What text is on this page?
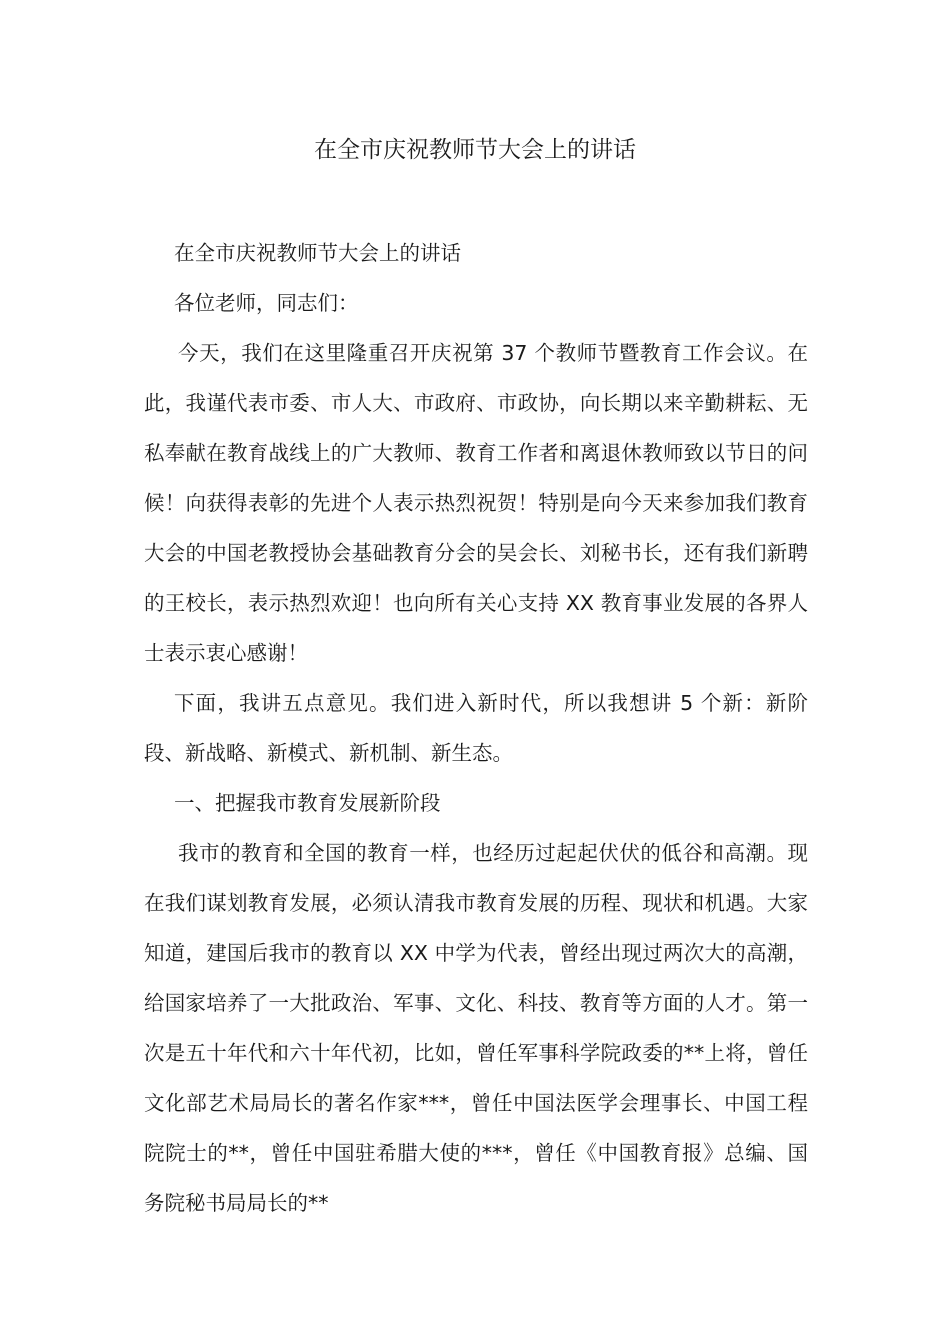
在全市庆祝教师节大会上的讲话

在全市庆祝教师节大会上的讲话

各位老师，同志们：

今天，我们在这里隆重召开庆祝第 37 个教师节暨教育工作会议。在此，我谨代表市委、市人大、市政府、市政协，向长期以来辛勤耕耘、无私奉献在教育战线上的广大教师、教育工作者和离退休教师致以节日的问候！向获得表彰的先进个人表示热烈祝贺！特别是向今天来参加我们教育大会的中国老教授协会基础教育分会的吴会长、刘秘书长，还有我们新聘的王校长，表示热烈欢迎！也向所有关心支持 XX 教育事业发展的各界人士表示衷心感谢！

下面，我讲五点意见。我们进入新时代，所以我想讲 5 个新：新阶段、新战略、新模式、新机制、新生态。

一、把握我市教育发展新阶段

我市的教育和全国的教育一样，也经历过起起伏伏的低谷和高潮。现在我们谋划教育发展，必须认清我市教育发展的历程、现状和机遇。大家知道，建国后我市的教育以 XX 中学为代表，曾经出现过两次大的高潮，给国家培养了一大批政治、军事、文化、科技、教育等方面的人才。第一次是五十年代和六十年代初，比如，曾任军事科学院政委的**上将，曾任文化部艺术局局长的著名作家***，曾任中国法医学会理事长、中国工程院院士的**，曾任中国驻希腊大使的***，曾任《中国教育报》总编、国务院秘书局局长的**
